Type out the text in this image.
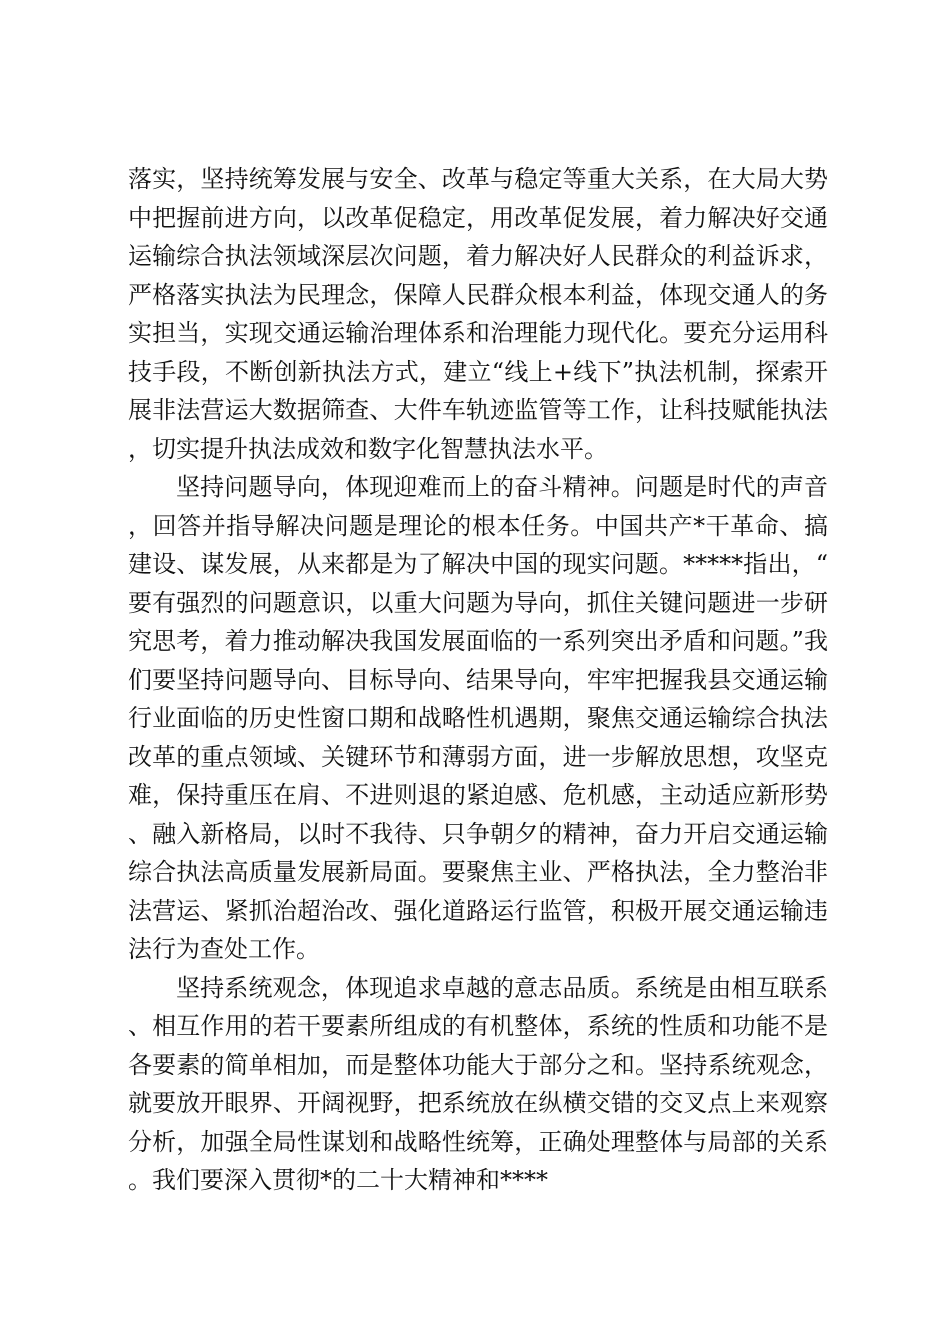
落实，坚持统筹发展与安全、改革与稳定等重大关系，在大局大势中把握前进方向，以改革促稳定，用改革促发展，着力解决好交通运输综合执法领域深层次问题，着力解决好人民群众的利益诉求，严格落实执法为民理念，保障人民群众根本利益，体现交通人的务实担当，实现交通运输治理体系和治理能力现代化。要充分运用科技手段，不断创新执法方式，建立“线上+线下”执法机制，探索开展非法营运大数据筛查、大件车轨迹监管等工作，让科技赋能执法，切实提升执法成效和数字化智慧执法水平。

坚持问题导向，体现迎难而上的奋斗精神。问题是时代的声音，回答并指导解决问题是理论的根本任务。中国共产*干革命、搞建设、谋发展，从来都是为了解决中国的现实问题。*****指出，“要有强烈的问题意识，以重大问题为导向，抓住关键问题进一步研究思考，着力推动解决我国发展面临的一系列突出矛盾和问题。”我们要坚持问题导向、目标导向、结果导向，牢牢把握我县交通运输行业面临的历史性窗口期和战略性机遇期，聚焦交通运输综合执法改革的重点领域、关键环节和薄弱方面，进一步解放思想，攻坚克难，保持重压在肩、不进则退的紧迫感、危机感，主动适应新形势、融入新格局，以时不我待、只争朝夕的精神，奋力开启交通运输综合执法高质量发展新局面。要聚焦主业、严格执法，全力整治非法营运、紧抓治超治改、强化道路运行监管，积极开展交通运输违法行为查处工作。

坚持系统观念，体现追求卓越的意志品质。系统是由相互联系、相互作用的若干要素所组成的有机整体，系统的性质和功能不是各要素的简单相加，而是整体功能大于部分之和。坚持系统观念，就要放开眼界、开阔视野，把系统放在纵横交错的交叉点上来观察分析，加强全局性谋划和战略性统筹，正确处理整体与局部的关系。我们要深入贯彻*的二十大精神和****
